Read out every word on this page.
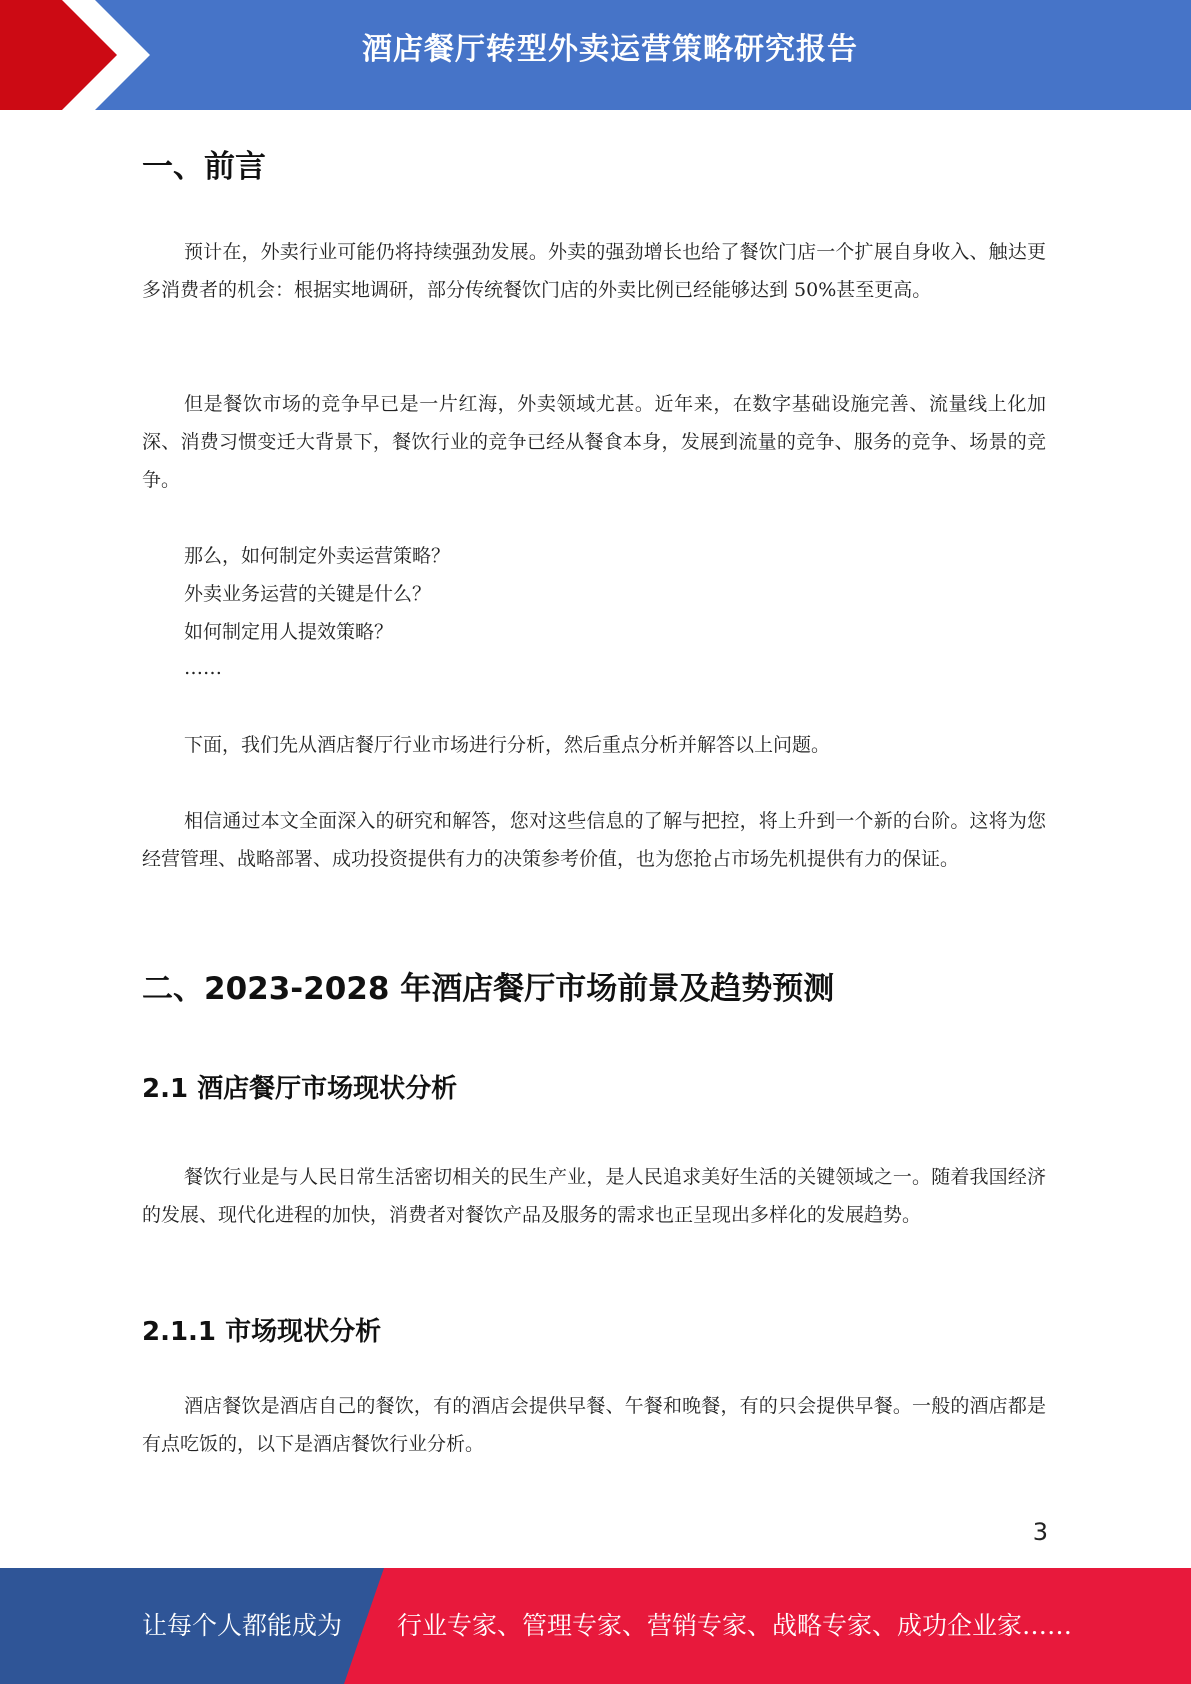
酒店餐厅转型外卖运营策略研究报告
一、前言

预计在，外卖行业可能仍将持续强劲发展。外卖的强劲增长也给了餐饮门店一个扩展自身收入、触达更多消费者的机会：根据实地调研，部分传统餐饮门店的外卖比例已经能够达到 50%甚至更高。

但是餐饮市场的竞争早已是一片红海，外卖领域尤甚。近年来，在数字基础设施完善、流量线上化加深、消费习惯变迁大背景下，餐饮行业的竞争已经从餐食本身，发展到流量的竞争、服务的竞争、场景的竞争。

那么，如何制定外卖运营策略？

外卖业务运营的关键是什么？

如何制定用人提效策略？

……

下面，我们先从酒店餐厅行业市场进行分析，然后重点分析并解答以上问题。

相信通过本文全面深入的研究和解答，您对这些信息的了解与把控，将上升到一个新的台阶。这将为您经营管理、战略部署、成功投资提供有力的决策参考价值，也为您抢占市场先机提供有力的保证。

二、2023-2028 年酒店餐厅市场前景及趋势预测
2.1 酒店餐厅市场现状分析

餐饮行业是与人民日常生活密切相关的民生产业，是人民追求美好生活的关键领域之一。随着我国经济的发展、现代化进程的加快，消费者对餐饮产品及服务的需求也正呈现出多样化的发展趋势。

2.1.1 市场现状分析

酒店餐饮是酒店自己的餐饮，有的酒店会提供早餐、午餐和晚餐，有的只会提供早餐。一般的酒店都是有点吃饭的，以下是酒店餐饮行业分析。

3
让每个人都能成为 行业专家、管理专家、营销专家、战略专家、成功企业家……
